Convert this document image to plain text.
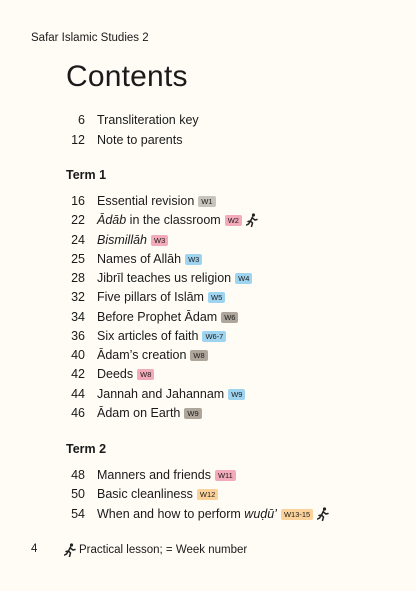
Safar Islamic Studies 2
Contents
6 Transliteration key
12 Note to parents
Term 1
16 Essential revision W1
22 Ādāb in the classroom W2
24 Bismillāh W3
25 Names of Allāh W3
28 Jibrīl teaches us religion W4
32 Five pillars of Islām W5
34 Before Prophet Ādam W6
36 Six articles of faith W6-7
40 Ādam’s creation W8
42 Deeds W8
44 Jannah and Jahannam W9
46 Ādam on Earth W9
Term 2
48 Manners and friends W11
50 Basic cleanliness W12
54 When and how to perform wuḍū’ W13-15
4	Practical lesson; = Week number
